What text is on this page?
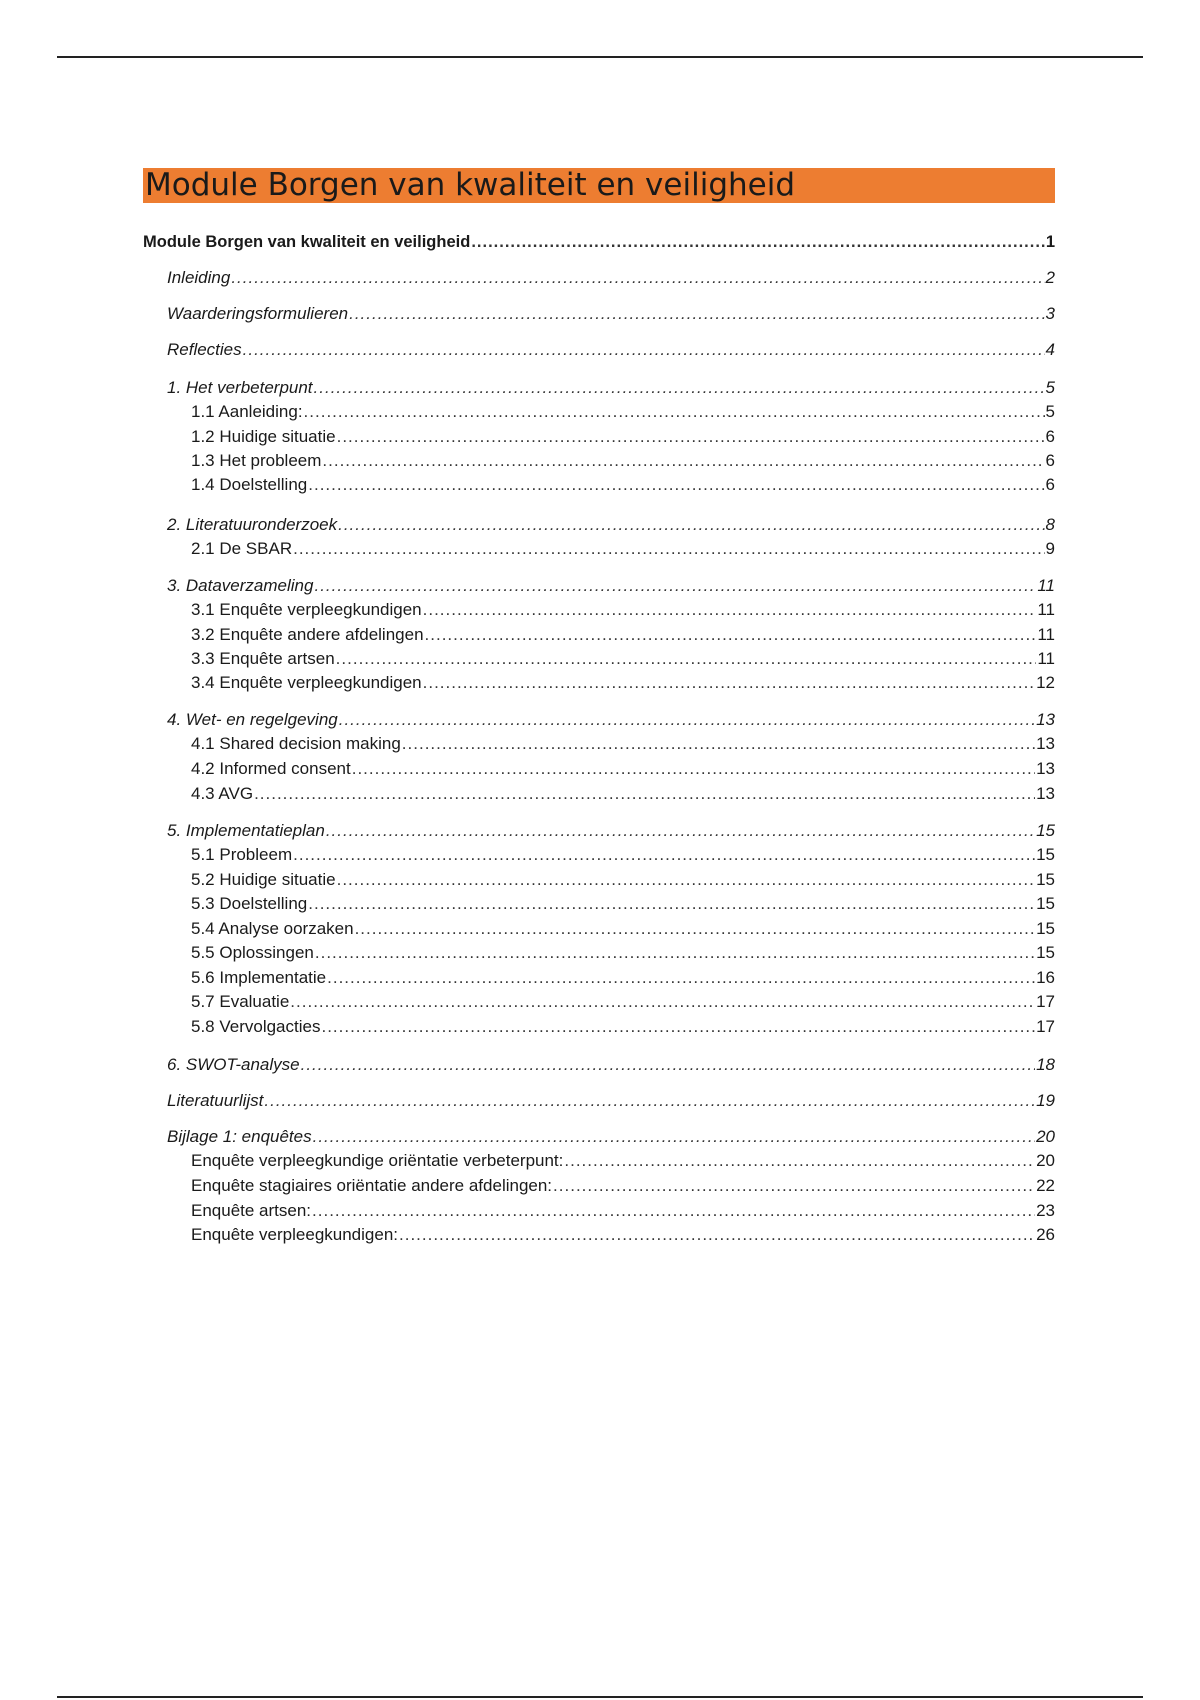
Module Borgen van kwaliteit en veiligheid
Module Borgen van kwaliteit en veiligheid .....	1
Inleiding .....	2
Waarderingsformulieren .....	3
Reflecties .....	4
1. Het verbeterpunt .....	5
1.1 Aanleiding: .....	5
1.2 Huidige situatie .....	6
1.3 Het probleem .....	6
1.4 Doelstelling .....	6
2. Literatuuronderzoek .....	8
2.1 De SBAR .....	9
3. Dataverzameling .....	11
3.1 Enquête verpleegkundigen .....	11
3.2 Enquête andere afdelingen .....	11
3.3 Enquête artsen .....	11
3.4 Enquête verpleegkundigen .....	12
4. Wet- en regelgeving .....	13
4.1 Shared decision making .....	13
4.2 Informed consent .....	13
4.3 AVG .....	13
5. Implementatieplan .....	15
5.1 Probleem .....	15
5.2 Huidige situatie .....	15
5.3 Doelstelling .....	15
5.4 Analyse oorzaken .....	15
5.5 Oplossingen .....	15
5.6 Implementatie .....	16
5.7 Evaluatie .....	17
5.8 Vervolgacties .....	17
6. SWOT-analyse .....	18
Literatuurlijst .....	19
Bijlage 1: enquêtes .....	20
Enquête verpleegkundige oriëntatie verbeterpunt: .....	20
Enquête stagiaires oriëntatie andere afdelingen: .....	22
Enquête artsen: .....	23
Enquête verpleegkundigen: .....	26
